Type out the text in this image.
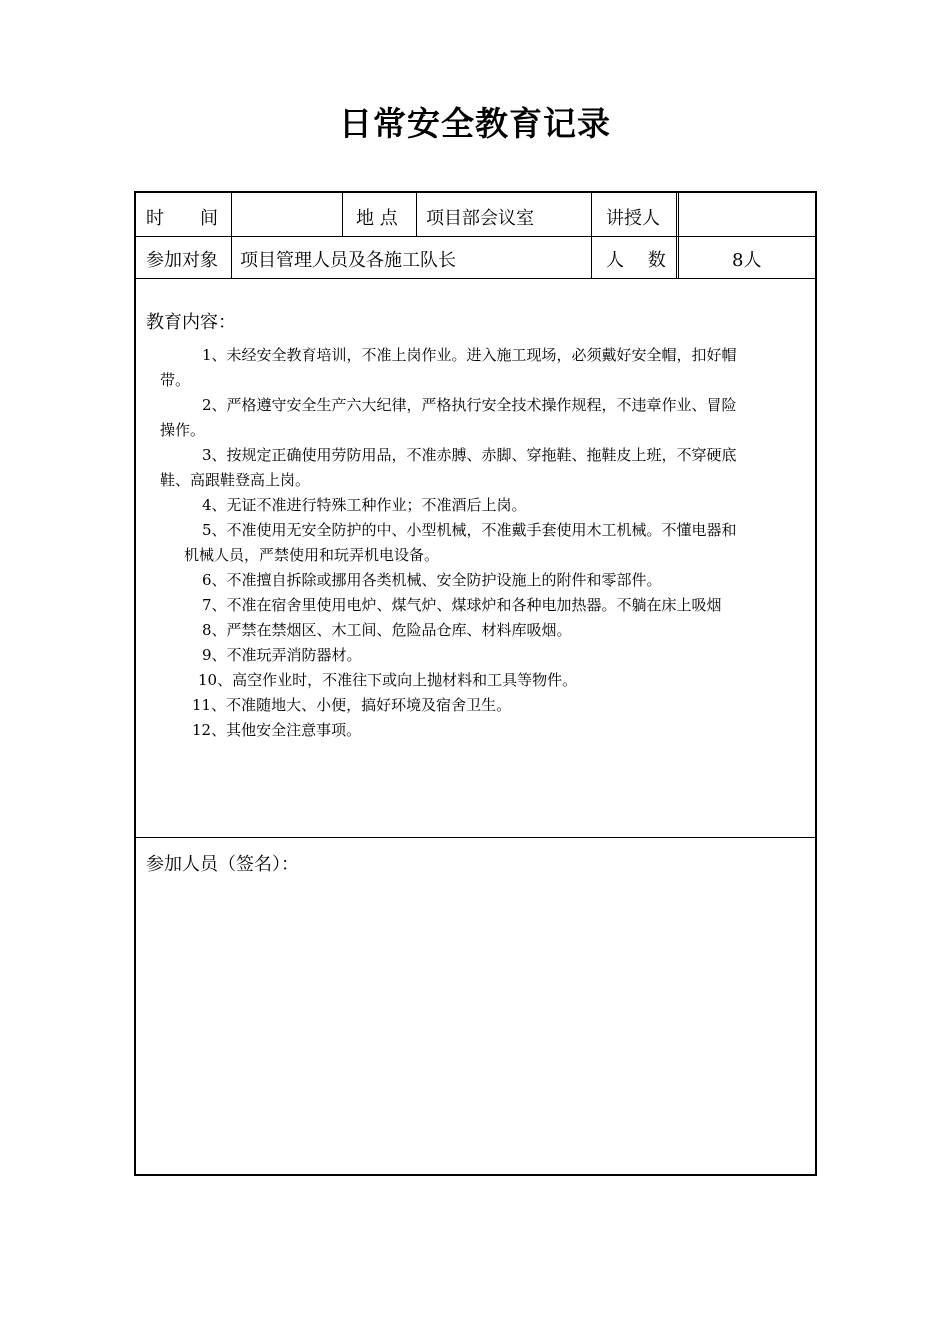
日常安全教育记录
时　　间	地 点 项目部会议室	讲授人
参加对象 项目管理人员及各施工队长	人　 数	8人
教育内容：
1、未经安全教育培训，不准上岗作业。进入施工现场，必须戴好安全帽，扣好帽
带。
2、严格遵守安全生产六大纪律，严格执行安全技术操作规程，不违章作业、冒险
操作。
3、按规定正确使用劳防用品，不准赤膊、赤脚、穿拖鞋、拖鞋皮上班，不穿硬底
鞋、高跟鞋登高上岗。
4、无证不准进行特殊工种作业；不准酒后上岗。
5、不准使用无安全防护的中、小型机械，不准戴手套使用木工机械。不懂电器和
机械人员，严禁使用和玩弄机电设备。
6、不准擅自拆除或挪用各类机械、安全防护设施上的附件和零部件。
7、不准在宿舍里使用电炉、煤气炉、煤球炉和各种电加热器。不躺在床上吸烟
8、严禁在禁烟区、木工间、危险品仓库、材料库吸烟。
9、不准玩弄消防器材。
10、高空作业时，不准往下或向上抛材料和工具等物件。
11、不准随地大、小便，搞好环境及宿舍卫生。
12、其他安全注意事项。
参加人员（签名）：
